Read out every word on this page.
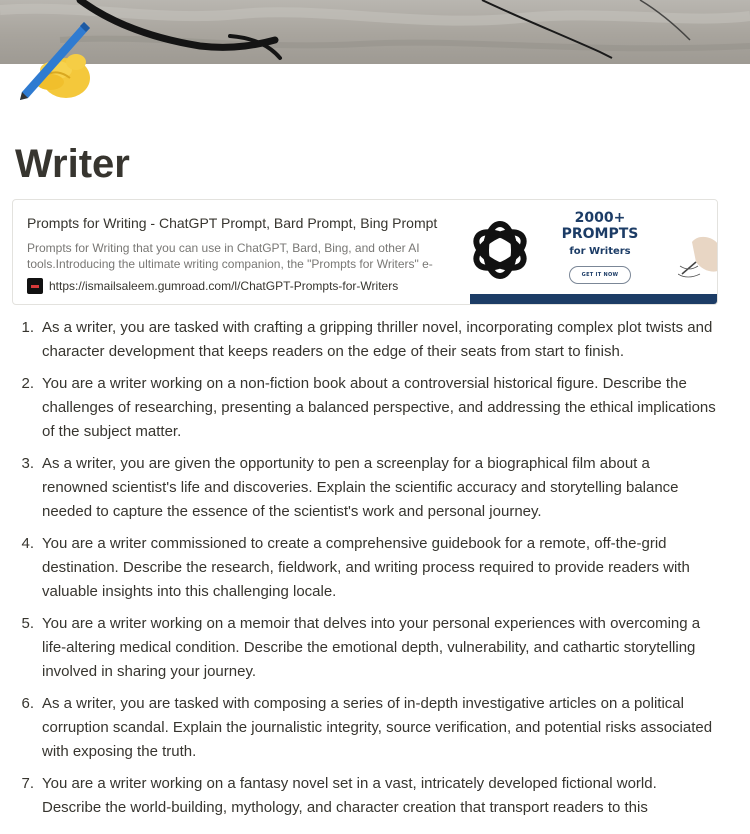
Writer
Prompts for Writing - ChatGPT Prompt, Bard Prompt, Bing Prompt
Prompts for Writing that you can use in ChatGPT, Bard, Bing, and other AI tools.Introducing the ultimate writing companion, the "Prompts for Writers" e-
https://ismailsaleem.gumroad.com/l/ChatGPT-Prompts-for-Writers
2000+
PROMPTS
for Writers
GET IT NOW
1. As a writer, you are tasked with crafting a gripping thriller novel, incorporating complex plot twists and character development that keeps readers on the edge of their seats from start to finish.
2. You are a writer working on a non-fiction book about a controversial historical figure. Describe the challenges of researching, presenting a balanced perspective, and addressing the ethical implications of the subject matter.
3. As a writer, you are given the opportunity to pen a screenplay for a biographical film about a renowned scientist's life and discoveries. Explain the scientific accuracy and storytelling balance needed to capture the essence of the scientist's work and personal journey.
4. You are a writer commissioned to create a comprehensive guidebook for a remote, off-the-grid destination. Describe the research, fieldwork, and writing process required to provide readers with valuable insights into this challenging locale.
5. You are a writer working on a memoir that delves into your personal experiences with overcoming a life-altering medical condition. Describe the emotional depth, vulnerability, and cathartic storytelling involved in sharing your journey.
6. As a writer, you are tasked with composing a series of in-depth investigative articles on a political corruption scandal. Explain the journalistic integrity, source verification, and potential risks associated with exposing the truth.
7. You are a writer working on a fantasy novel set in a vast, intricately developed fictional world. Describe the world-building, mythology, and character creation that transport readers to this
